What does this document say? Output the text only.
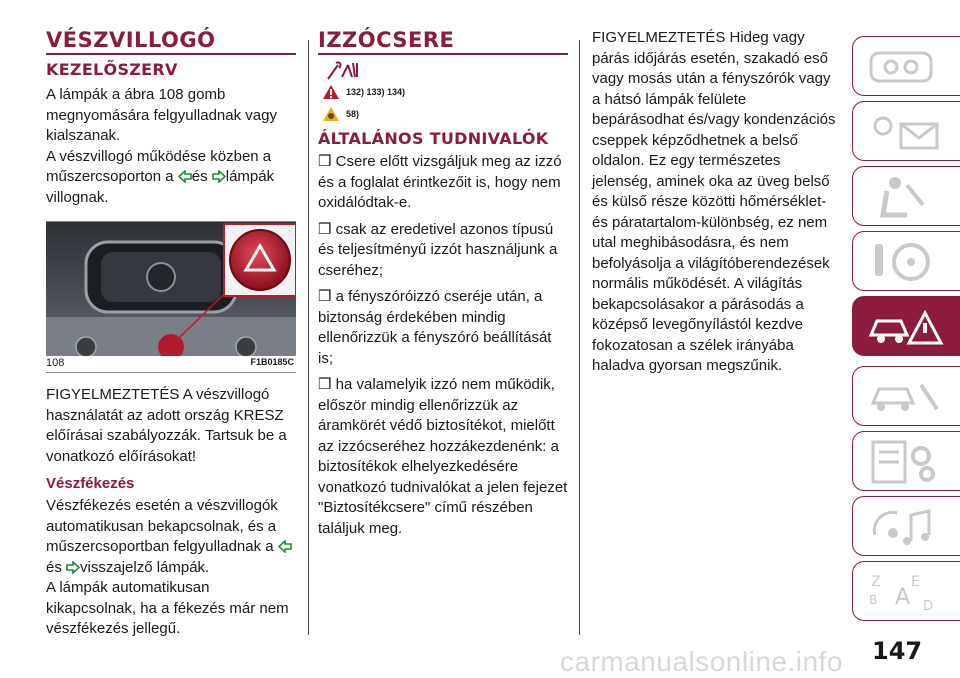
VÉSZVILLOGÓ
KEZELŐSZERV

A lámpák a ábra 108 gomb megnyomására felgyulladnak vagy kialszanak.

A vészvillogó működése közben a műszercsoporton a és lámpák villognak.

108	F1B0185C

FIGYELMEZTETÉS A vészvillogó használatát az adott ország KRESZ előírásai szabályozzák. Tartsuk be a vonatkozó előírásokat!

Vészfékezés

Vészfékezés esetén a vészvillogók automatikusan bekapcsolnak, és a műszercsoportban felgyulladnak a és visszajelző lámpák.

A lámpák automatikusan kikapcsolnak, ha a fékezés már nem vészfékezés jellegű.

IZZÓCSERE
132) 133) 134)
58)
ÁLTALÁNOS TUDNIVALÓK

❒ Csere előtt vizsgáljuk meg az izzó és a foglalat érintkezőit is, hogy nem oxidálódtak-e.

❒ csak az eredetivel azonos típusú és teljesítményű izzót használjunk a cseréhez;

❒ a fényszóróizzó cseréje után, a biztonság érdekében mindig ellenőrizzük a fényszóró beállítását is;

❒ ha valamelyik izzó nem működik, először mindig ellenőrizzük az áramkörét védő biztosítékot, mielőtt az izzócseréhez hozzákezdenénk: a biztosítékok elhelyezkedésére vonatkozó tudnivalókat a jelen fejezet "Biztosítékcsere" című részében találjuk meg.

FIGYELMEZTETÉS Hideg vagy párás időjárás esetén, szakadó eső vagy mosás után a fényszórók vagy a hátsó lámpák felülete bepárásodhat és/vagy kondenzációs cseppek képződhetnek a belső oldalon. Ez egy természetes jelenség, aminek oka az üveg belső és külső része közötti hőmérséklet- és páratartalom-különbség, ez nem utal meghibásodásra, és nem befolyásolja a világítóberendezések normális működését. A világítás bekapcsolásakor a párásodás a középső levegőnyílástól kezdve fokozatosan a szélek irányába haladva gyorsan megszűnik.

Z E
B A D
147
carmanualsonline.info
